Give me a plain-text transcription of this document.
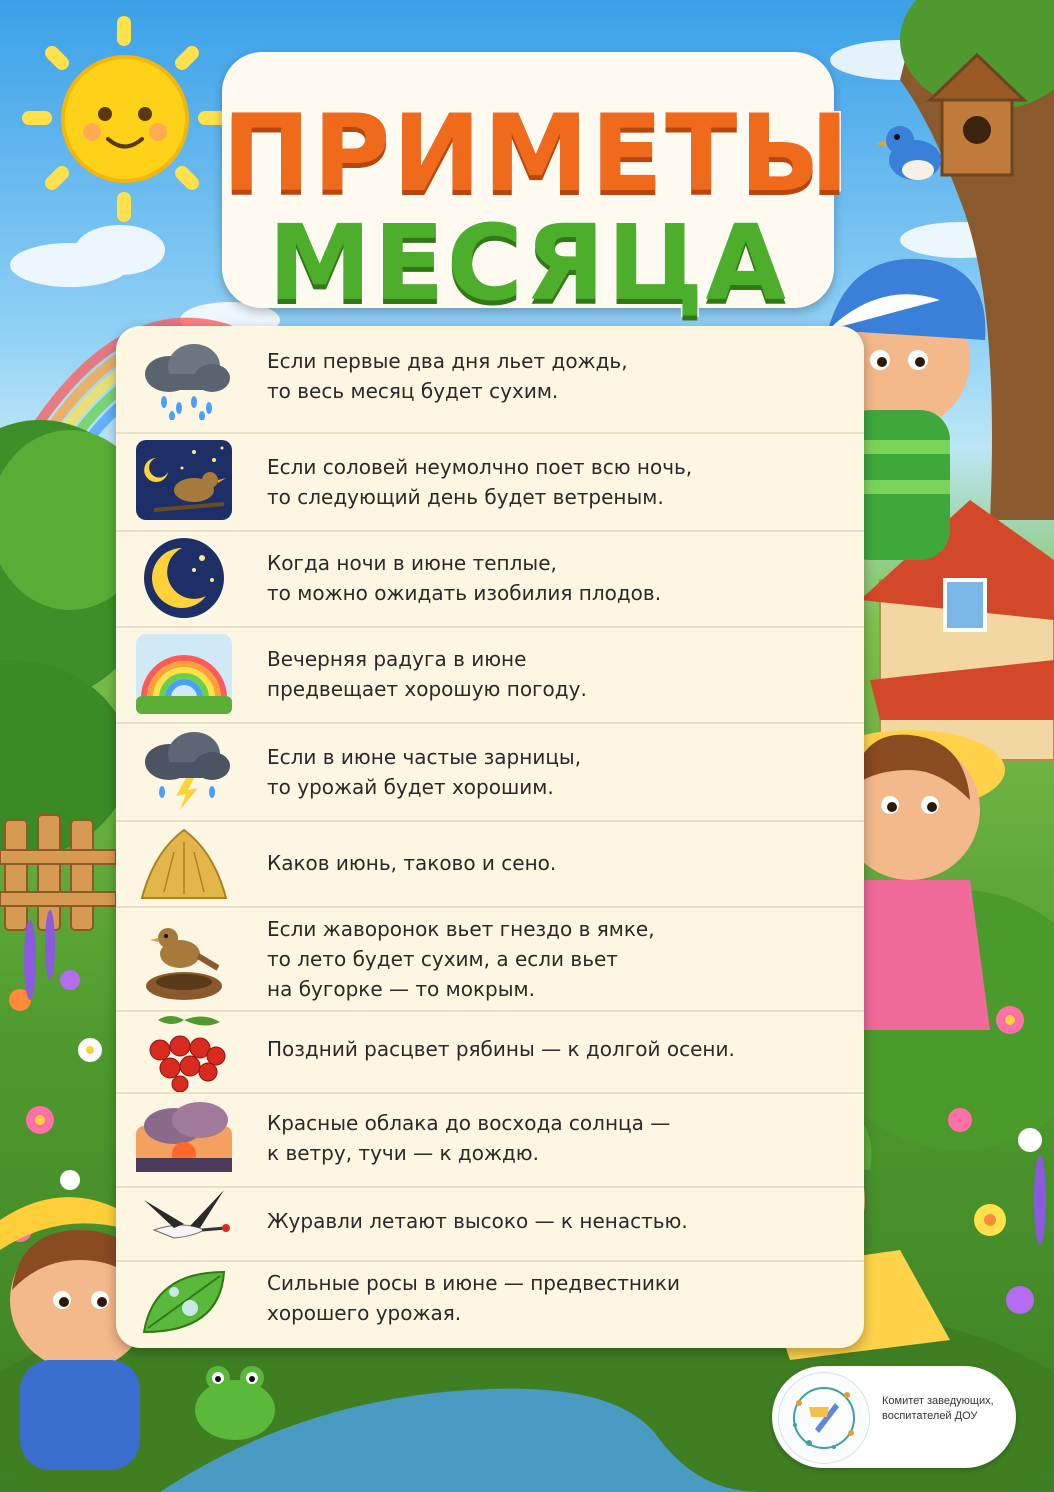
ПРИМЕТЫ
МЕСЯЦА
Если первые два дня льет дождь,
то весь месяц будет сухим.
Если соловей неумолчно поет всю ночь,
то следующий день будет ветреным.
Когда ночи в июне теплые,
то можно ожидать изобилия плодов.
Вечерняя радуга в июне
предвещает хорошую погоду.
Если в июне частые зарницы,
то урожай будет хорошим.
Каков июнь, таково и сено.
Если жаворонок вьет гнездо в ямке,
то лето будет сухим, а если вьет
на бугорке — то мокрым.
Поздний расцвет рябины — к долгой осени.
Красные облака до восхода солнца —
к ветру, тучи — к дождю.
Журавли летают высоко — к ненастью.
Сильные росы в июне — предвестники
хорошего урожая.
Комитет заведующих, воспитателей ДОУ
